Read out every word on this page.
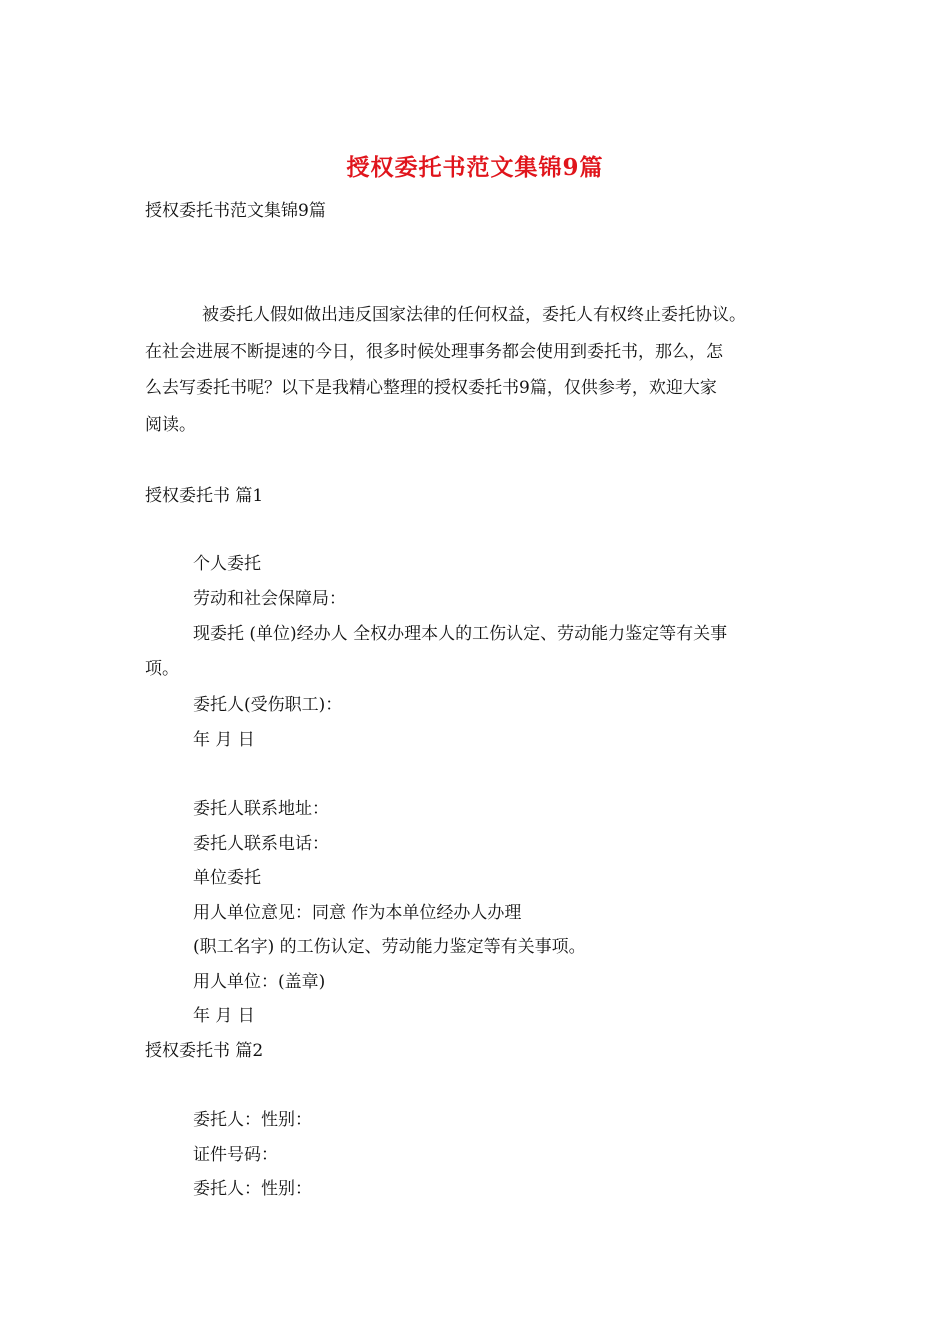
授权委托书范文集锦9篇
授权委托书范文集锦9篇
被委托人假如做出违反国家法律的任何权益，委托人有权终止委托协议。
在社会进展不断提速的今日，很多时候处理事务都会使用到委托书，那么，怎
么去写委托书呢？以下是我精心整理的授权委托书9篇，仅供参考，欢迎大家
阅读。
授权委托书 篇1
个人委托
劳动和社会保障局：
现委托 (单位)经办人 全权办理本人的工伤认定、劳动能力鉴定等有关事
项。
委托人(受伤职工)：
年 月 日
委托人联系地址：
委托人联系电话：
单位委托
用人单位意见：同意 作为本单位经办人办理
(职工名字) 的工伤认定、劳动能力鉴定等有关事项。
用人单位：(盖章)
年 月 日
授权委托书 篇2
委托人：性别：
证件号码：
委托人：性别：
